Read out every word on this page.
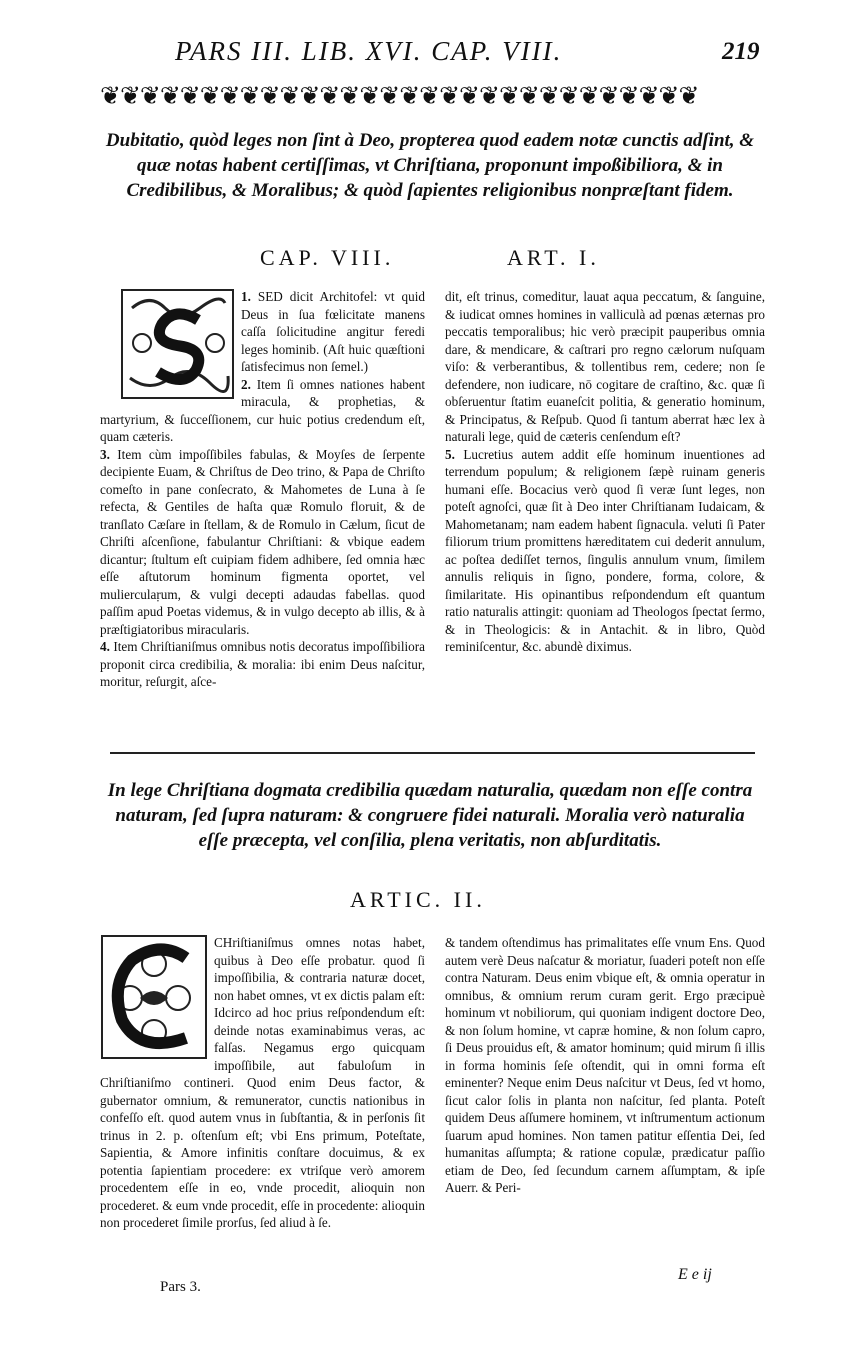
PARS III. LIB. XVI. CAP. VIII.	219
❦❦❦❦❦❦❦❦❦❦❦❦❦❦❦❦❦❦❦❦❦❦❦❦❦❦❦❦❦❦
Dubitatio, quòd leges non ſint à Deo, propterea quod eadem notæ cunctis adſint, & quæ notas habent certiſſimas, vt Chriſtiana, proponunt impoßibiliora, & in Credibilibus, & Moralibus; & quòd ſapientes religionibus nonpræſtant fidem.
CAP. VIII.	ART. I.

1. SED dicit Architofel: vt quid Deus in ſua fœlicitate manens caſſa ſolicitudine angitur feredi leges hominib. (Aſt huic quæſtioni ſatisfecimus non ſemel.)

2. Item ſi omnes nationes habent miracula, & prophetias, & martyrium, & ſucceſſionem, cur huic potius credendum eſt, quam cæteris.

3. Item cùm impoſſibiles fabulas, & Moyſes de ſerpente decipiente Euam, & Chriſtus de Deo trino, & Papa de Chriſto comeſto in pane conſecrato, & Mahometes de Luna à ſe refecta, & Gentiles de haſta quæ Romulo floruit, & de tranſlato Cæſare in ſtellam, & de Romulo in Cælum, ſicut de Chriſti aſcenſione, fabulantur Chriſtiani: & vbique eadem dicantur; ſtultum eſt cuipiam fidem adhibere, ſed omnia hæc eſſe aſtutorum hominum figmenta oportet, vel mulierculaṛum, & vulgi decepti adaudas fabellas. quod paſſim apud Poetas videmus, & in vulgo decepto ab illis, & à præſtigiatoribus miracularis.

4. Item Chriſtianiſmus omnibus notis decoratus impoſſibiliora proponit circa credibilia, & moralia: ibi enim Deus naſcitur, moritur, reſurgit, aſce-

dit, eſt trinus, comeditur, lauat aqua peccatum, & ſanguine, & iudicat omnes homines in valliculà ad pœnas æternas pro peccatis temporalibus; hic verò præcipit pauperibus omnia dare, & mendicare, & caſtrari pro regno cælorum nuſquam viſo: & verberantibus, & tollentibus rem, cedere; non ſe defendere, non iudicare, nō cogitare de craſtino, &c. quæ ſi obſeruentur ſtatim euaneſcit politia, & generatio hominum, & Principatus, & Reſpub. Quod ſi tantum aberrat hæc lex à naturali lege, quid de cæteris cenſendum eſt?

5. Lucretius autem addit eſſe hominum inuentiones ad terrendum populum; & religionem ſæpè ruinam generis humani eſſe. Bocacius verò quod ſi veræ ſunt leges, non poteſt agnoſci, quæ ſit à Deo inter Chriſtianam Iudaicam, & Mahometanam; nam eadem habent ſignacula. veluti ſi Pater filiorum trium promittens hæreditatem cui dederit annulum, ac poſtea dediſſet ternos, ſingulis annulum vnum, ſimilem annulis reliquis in ſigno, pondere, forma, colore, & ſimilaritate. His opinantibus reſpondendum eſt quantum ratio naturalis attingit: quoniam ad Theologos ſpectat ſermo, & in Theologicis: & in Antachit. & in libro, Quòd reminiſcentur, &c. abundè diximus.

In lege Chriſtiana dogmata credibilia quædam naturalia, quædam non eſſe contra naturam, ſed ſupra naturam: & congruere fidei naturali. Moralia verò naturalia eſſe præcepta, vel conſilia, plena veritatis, non abſurditatis.
ARTIC. II.

CHriſtianiſmus omnes notas habet, quibus à Deo eſſe probatur. quod ſi impoſſibilia, & contraria naturæ docet, non habet omnes, vt ex dictis palam eſt: Idcirco ad hoc prius reſpondendum eſt: deinde notas examinabimus veras, ac falſas. Negamus ergo quicquam impoſſibile, aut fabuloſum in Chriſtianiſmo contineri. Quod enim Deus factor, & gubernator omnium, & remunerator, cunctis nationibus in confeſſo eſt. quod autem vnus in ſubſtantia, & in perſonis ſit trinus in 2. p. oſtenſum eſt; vbi Ens primum, Poteſtate, Sapientia, & Amore infinitis conſtare docuimus, & ex potentia ſapientiam procedere: ex vtriſque verò amorem procedentem eſſe in eo, vnde procedit, alioquin non procederet. & eum vnde procedit, eſſe in procedente: alioquin non procederet ſimile prorſus, ſed aliud à ſe.

& tandem oſtendimus has primalitates eſſe vnum Ens. Quod autem verè Deus naſcatur & moriatur, ſuaderi poteſt non eſſe contra Naturam. Deus enim vbique eſt, & omnia operatur in omnibus, & omnium rerum curam gerit. Ergo præcipuè hominum vt nobiliorum, qui quoniam indigent doctore Deo, & non ſolum homine, vt capræ homine, & non ſolum capro, ſi Deus prouidus eſt, & amator hominum; quid mirum ſi illis in forma hominis ſeſe oſtendit, qui in omni forma eſt eminenter? Neque enim Deus naſcitur vt Deus, ſed vt homo, ſicut calor ſolis in planta non naſcitur, ſed planta. Poteſt quidem Deus aſſumere hominem, vt inſtrumentum actionum ſuarum apud homines. Non tamen patitur eſſentia Dei, ſed humanitas aſſumpta; & ratione copulæ, prædicatur paſſio etiam de Deo, ſed ſecundum carnem aſſumptam, & ipſe Auerr. & Peri-

Pars 3.
E e ij
